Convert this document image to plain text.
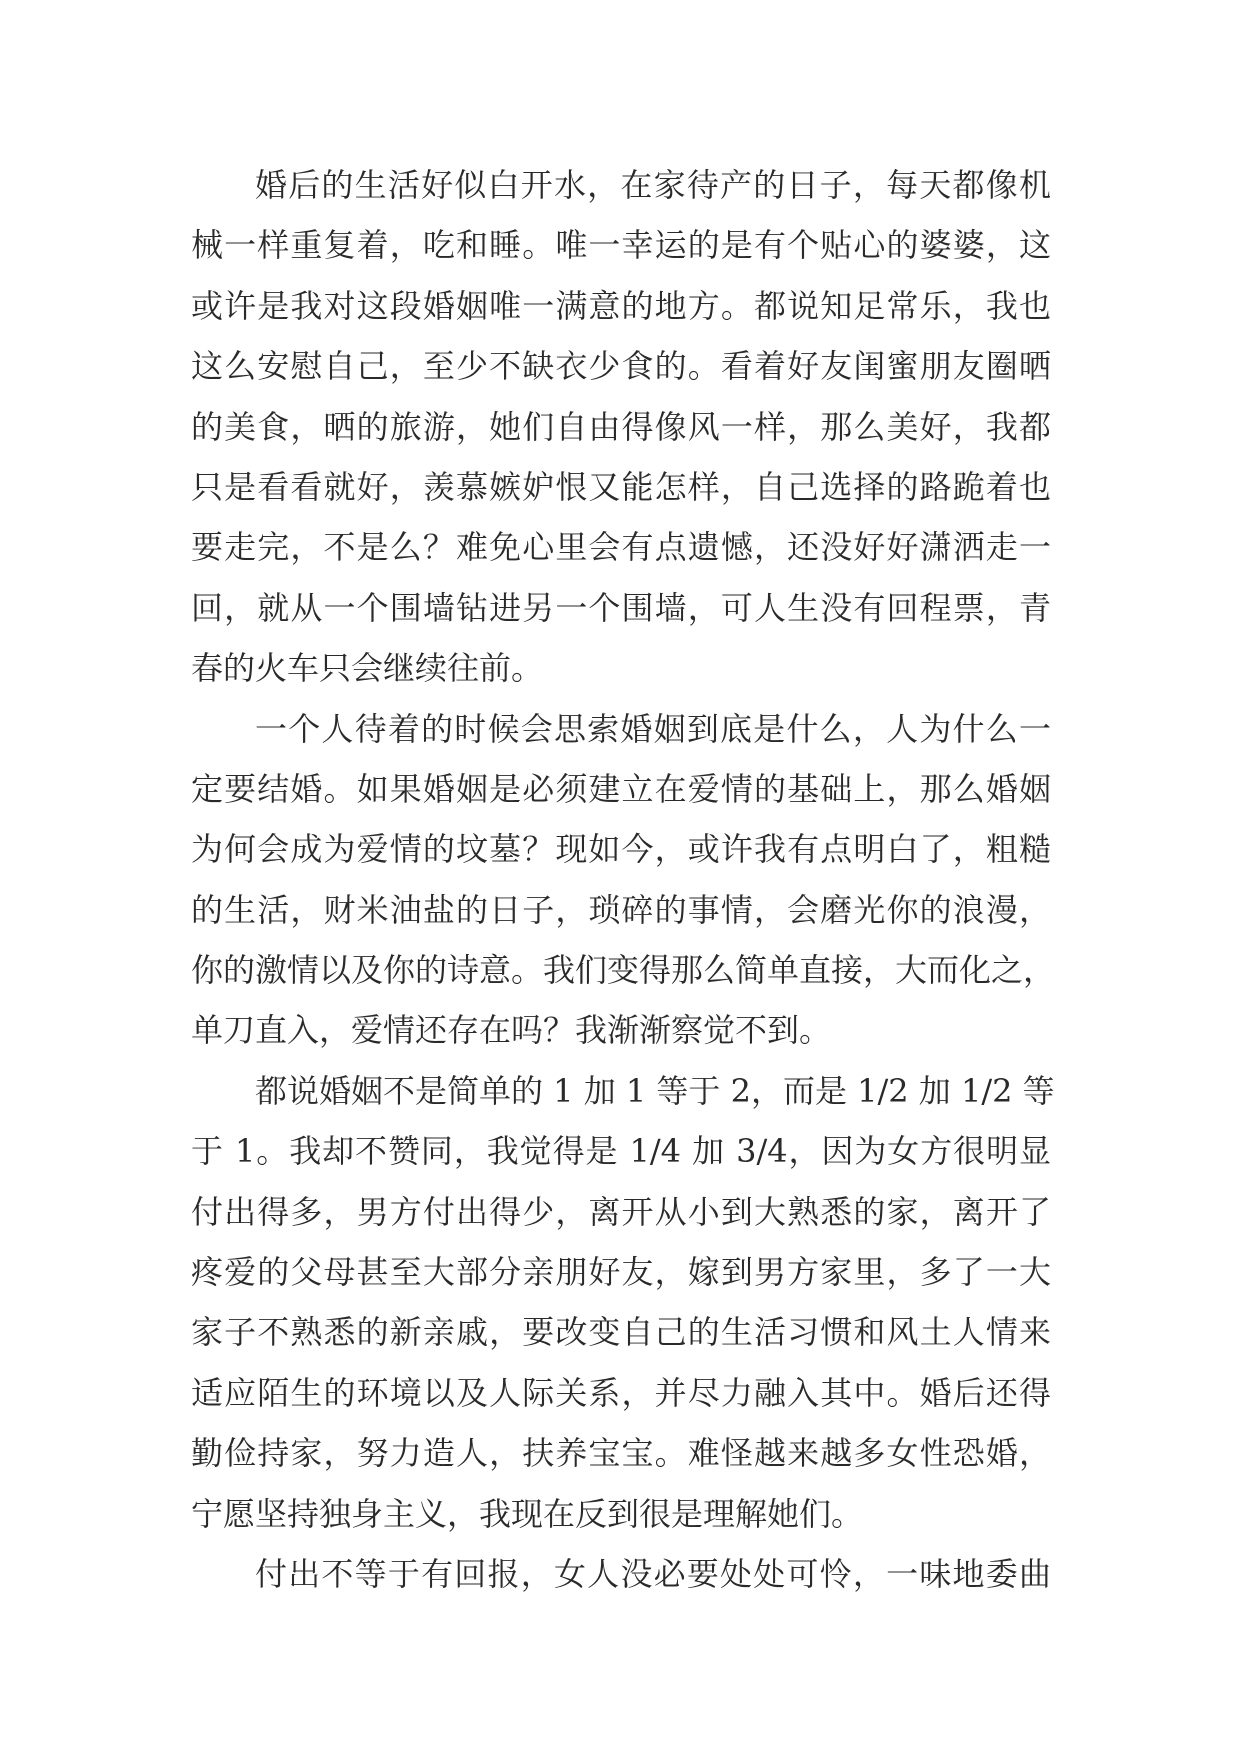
婚后的生活好似白开水，在家待产的日子，每天都像机
械一样重复着，吃和睡。唯一幸运的是有个贴心的婆婆，这
或许是我对这段婚姻唯一满意的地方。都说知足常乐，我也
这么安慰自己，至少不缺衣少食的。看着好友闺蜜朋友圈晒
的美食，晒的旅游，她们自由得像风一样，那么美好，我都
只是看看就好，羡慕嫉妒恨又能怎样，自己选择的路跪着也
要走完，不是么？难免心里会有点遗憾，还没好好潇洒走一
回，就从一个围墙钻进另一个围墙，可人生没有回程票，青
春的火车只会继续往前。
一个人待着的时候会思索婚姻到底是什么，人为什么一
定要结婚。如果婚姻是必须建立在爱情的基础上，那么婚姻
为何会成为爱情的坟墓？现如今，或许我有点明白了，粗糙
的生活，财米油盐的日子，琐碎的事情，会磨光你的浪漫，
你的激情以及你的诗意。我们变得那么简单直接，大而化之，
单刀直入，爱情还存在吗？我渐渐察觉不到。
都说婚姻不是简单的 1 加 1 等于 2，而是 1/2 加 1/2 等
于 1。我却不赞同，我觉得是 1/4 加 3/4，因为女方很明显
付出得多，男方付出得少，离开从小到大熟悉的家，离开了
疼爱的父母甚至大部分亲朋好友，嫁到男方家里，多了一大
家子不熟悉的新亲戚，要改变自己的生活习惯和风土人情来
适应陌生的环境以及人际关系，并尽力融入其中。婚后还得
勤俭持家，努力造人，扶养宝宝。难怪越来越多女性恐婚，
宁愿坚持独身主义，我现在反到很是理解她们。
付出不等于有回报，女人没必要处处可怜，一味地委曲
